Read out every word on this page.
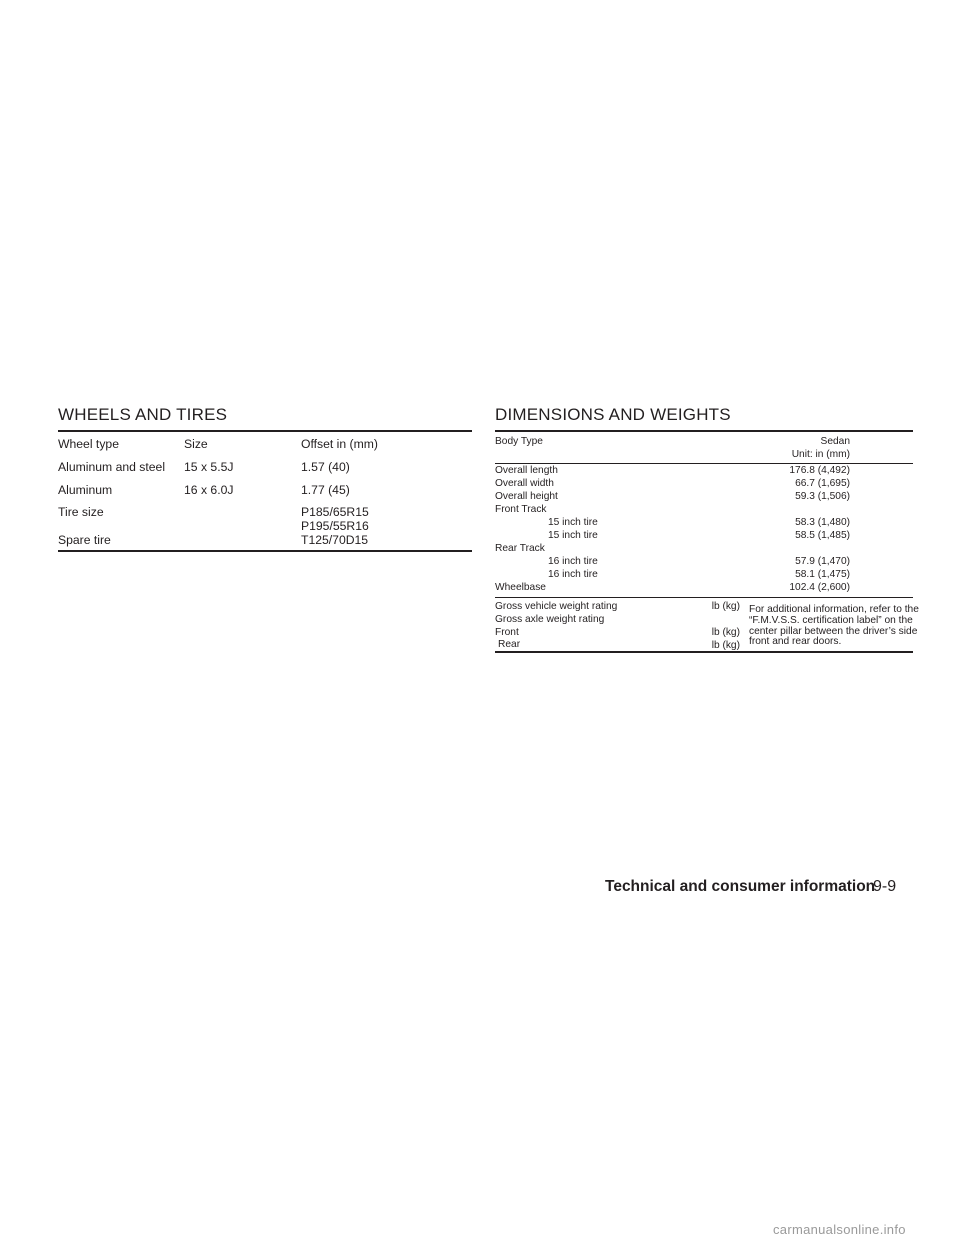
WHEELS AND TIRES
Wheel type	Size	Offset in (mm)
Aluminum and steel 15 x 5.5J	1.57 (40)
Aluminum	16 x 6.0J	1.77 (45)
Tire size	P185/65R15
P195/55R16
Spare tire	T125/70D15
DIMENSIONS AND WEIGHTS
Body Type	Sedan
Unit: in (mm)
Overall length	176.8 (4,492)
Overall width	66.7 (1,695)
Overall height	59.3 (1,506)
Front Track
15 inch tire	58.3 (1,480)
15 inch tire	58.5 (1,485)
Rear Track
16 inch tire	57.9 (1,470)
16 inch tire	58.1 (1,475)
Wheelbase	102.4 (2,600)
Gross vehicle weight rating	lb (kg)
Gross axle weight rating
Front	lb (kg)
Rear	lb (kg)
For additional information, refer to the “F.M.V.S.S. certification label” on the center pillar between the driver’s side front and rear doors.
Technical and consumer information
9-9
carmanualsonline.info
